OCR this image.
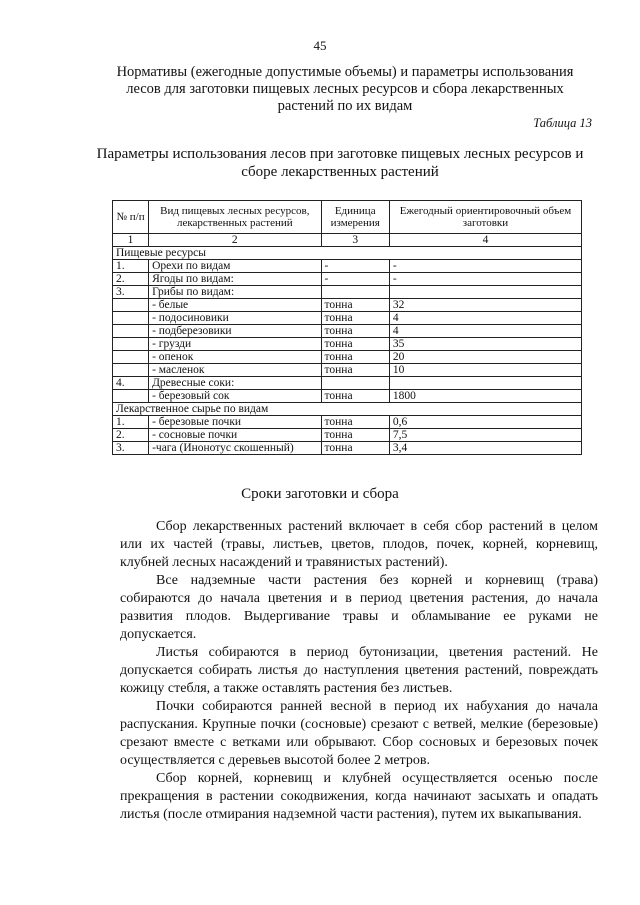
45
Нормативы (ежегодные допустимые объемы) и параметры использования лесов для заготовки пищевых лесных ресурсов и сбора лекарственных растений по их видам
Таблица 13
Параметры использования лесов при заготовке пищевых лесных ресурсов и сборе лекарственных растений
№ п/п	Вид пищевых лесных ресурсов, лекарственных растений	Единица измерения	Ежегодный ориентировочный объем заготовки
1	2	3	4
Пищевые ресурсы			
1.	Орехи по видам	-	-
2.	Ягоды по видам:	-	-
3.	Грибы по видам:		
	- белые	тонна	32
	- подосиновики	тонна	4
	- подберезовики	тонна	4
	- грузди	тонна	35
	- опенок	тонна	20
	- масленок	тонна	10
4.	Древесные соки:		
	- березовый сок	тонна	1800
Лекарственное сырье по видам			
1.	- березовые почки	тонна	0,6
2.	- сосновые почки	тонна	7,5
3.	-чага (Инонотус скошенный)	тонна	3,4
Сроки заготовки и сбора

Сбор лекарственных растений включает в себя сбор растений в целом или их частей (травы, листьев, цветов, плодов, почек, корней, корневищ, клубней лесных насаждений и травянистых растений).

Все надземные части растения без корней и корневищ (трава) собираются до начала цветения и в период цветения растения, до начала развития плодов. Выдергивание травы и обламывание ее руками не допускается.

Листья собираются в период бутонизации, цветения растений. Не допускается собирать листья до наступления цветения растений, повреждать кожицу стебля, а также оставлять растения без листьев.

Почки собираются ранней весной в период их набухания до начала распускания. Крупные почки (сосновые) срезают с ветвей, мелкие (березовые) срезают вместе с ветками или обрывают. Сбор сосновых и березовых почек осуществляется с деревьев высотой более 2 метров.

Сбор корней, корневищ и клубней осуществляется осенью после прекращения в растении сокодвижения, когда начинают засыхать и опадать листья (после отмирания надземной части растения), путем их выкапывания.
